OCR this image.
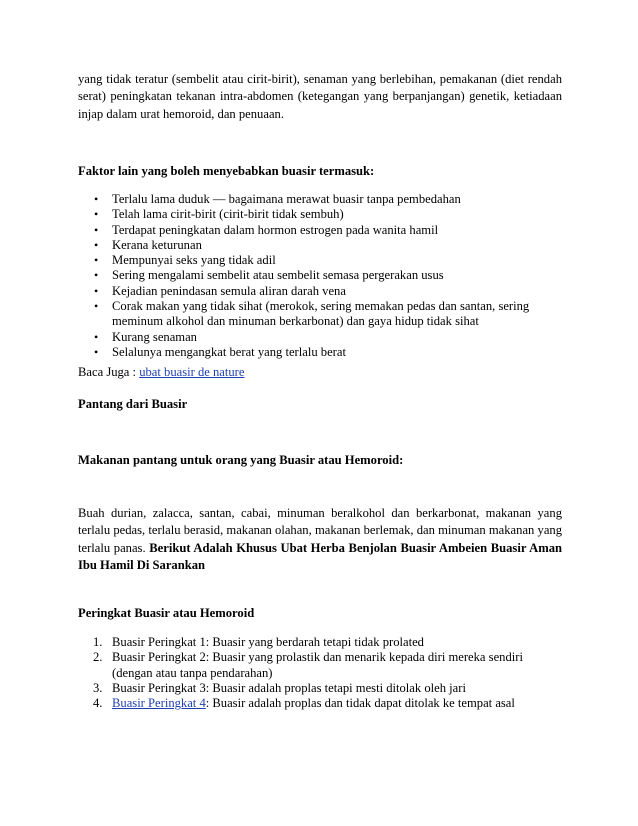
yang tidak teratur (sembelit atau cirit-birit), senaman yang berlebihan, pemakanan (diet rendah serat) peningkatan tekanan intra-abdomen (ketegangan yang berpanjangan) genetik, ketiadaan injap dalam urat hemoroid, dan penuaan.

Faktor lain yang boleh menyebabkan buasir termasuk:

• Terlalu lama duduk — bagaimana merawat buasir tanpa pembedahan
• Telah lama cirit-birit (cirit-birit tidak sembuh)
• Terdapat peningkatan dalam hormon estrogen pada wanita hamil
• Kerana keturunan
• Mempunyai seks yang tidak adil
• Sering mengalami sembelit atau sembelit semasa pergerakan usus
• Kejadian penindasan semula aliran darah vena
• Corak makan yang tidak sihat (merokok, sering memakan pedas dan santan, sering meminum alkohol dan minuman berkarbonat) dan gaya hidup tidak sihat
• Kurang senaman
• Selalunya mengangkat berat yang terlalu berat

Baca Juga : ubat buasir de nature

Pantang dari Buasir

Makanan pantang untuk orang yang Buasir atau Hemoroid:

Buah durian, zalacca, santan, cabai, minuman beralkohol dan berkarbonat, makanan yang terlalu pedas, terlalu berasid, makanan olahan, makanan berlemak, dan minuman makanan yang terlalu panas. Berikut Adalah Khusus Ubat Herba Benjolan Buasir Ambeien Buasir Aman Ibu Hamil Di Sarankan

Peringkat Buasir atau Hemoroid

1. Buasir Peringkat 1: Buasir yang berdarah tetapi tidak prolated
2. Buasir Peringkat 2: Buasir yang prolastik dan menarik kepada diri mereka sendiri (dengan atau tanpa pendarahan)
3. Buasir Peringkat 3: Buasir adalah proplas tetapi mesti ditolak oleh jari
4. Buasir Peringkat 4: Buasir adalah proplas dan tidak dapat ditolak ke tempat asal
